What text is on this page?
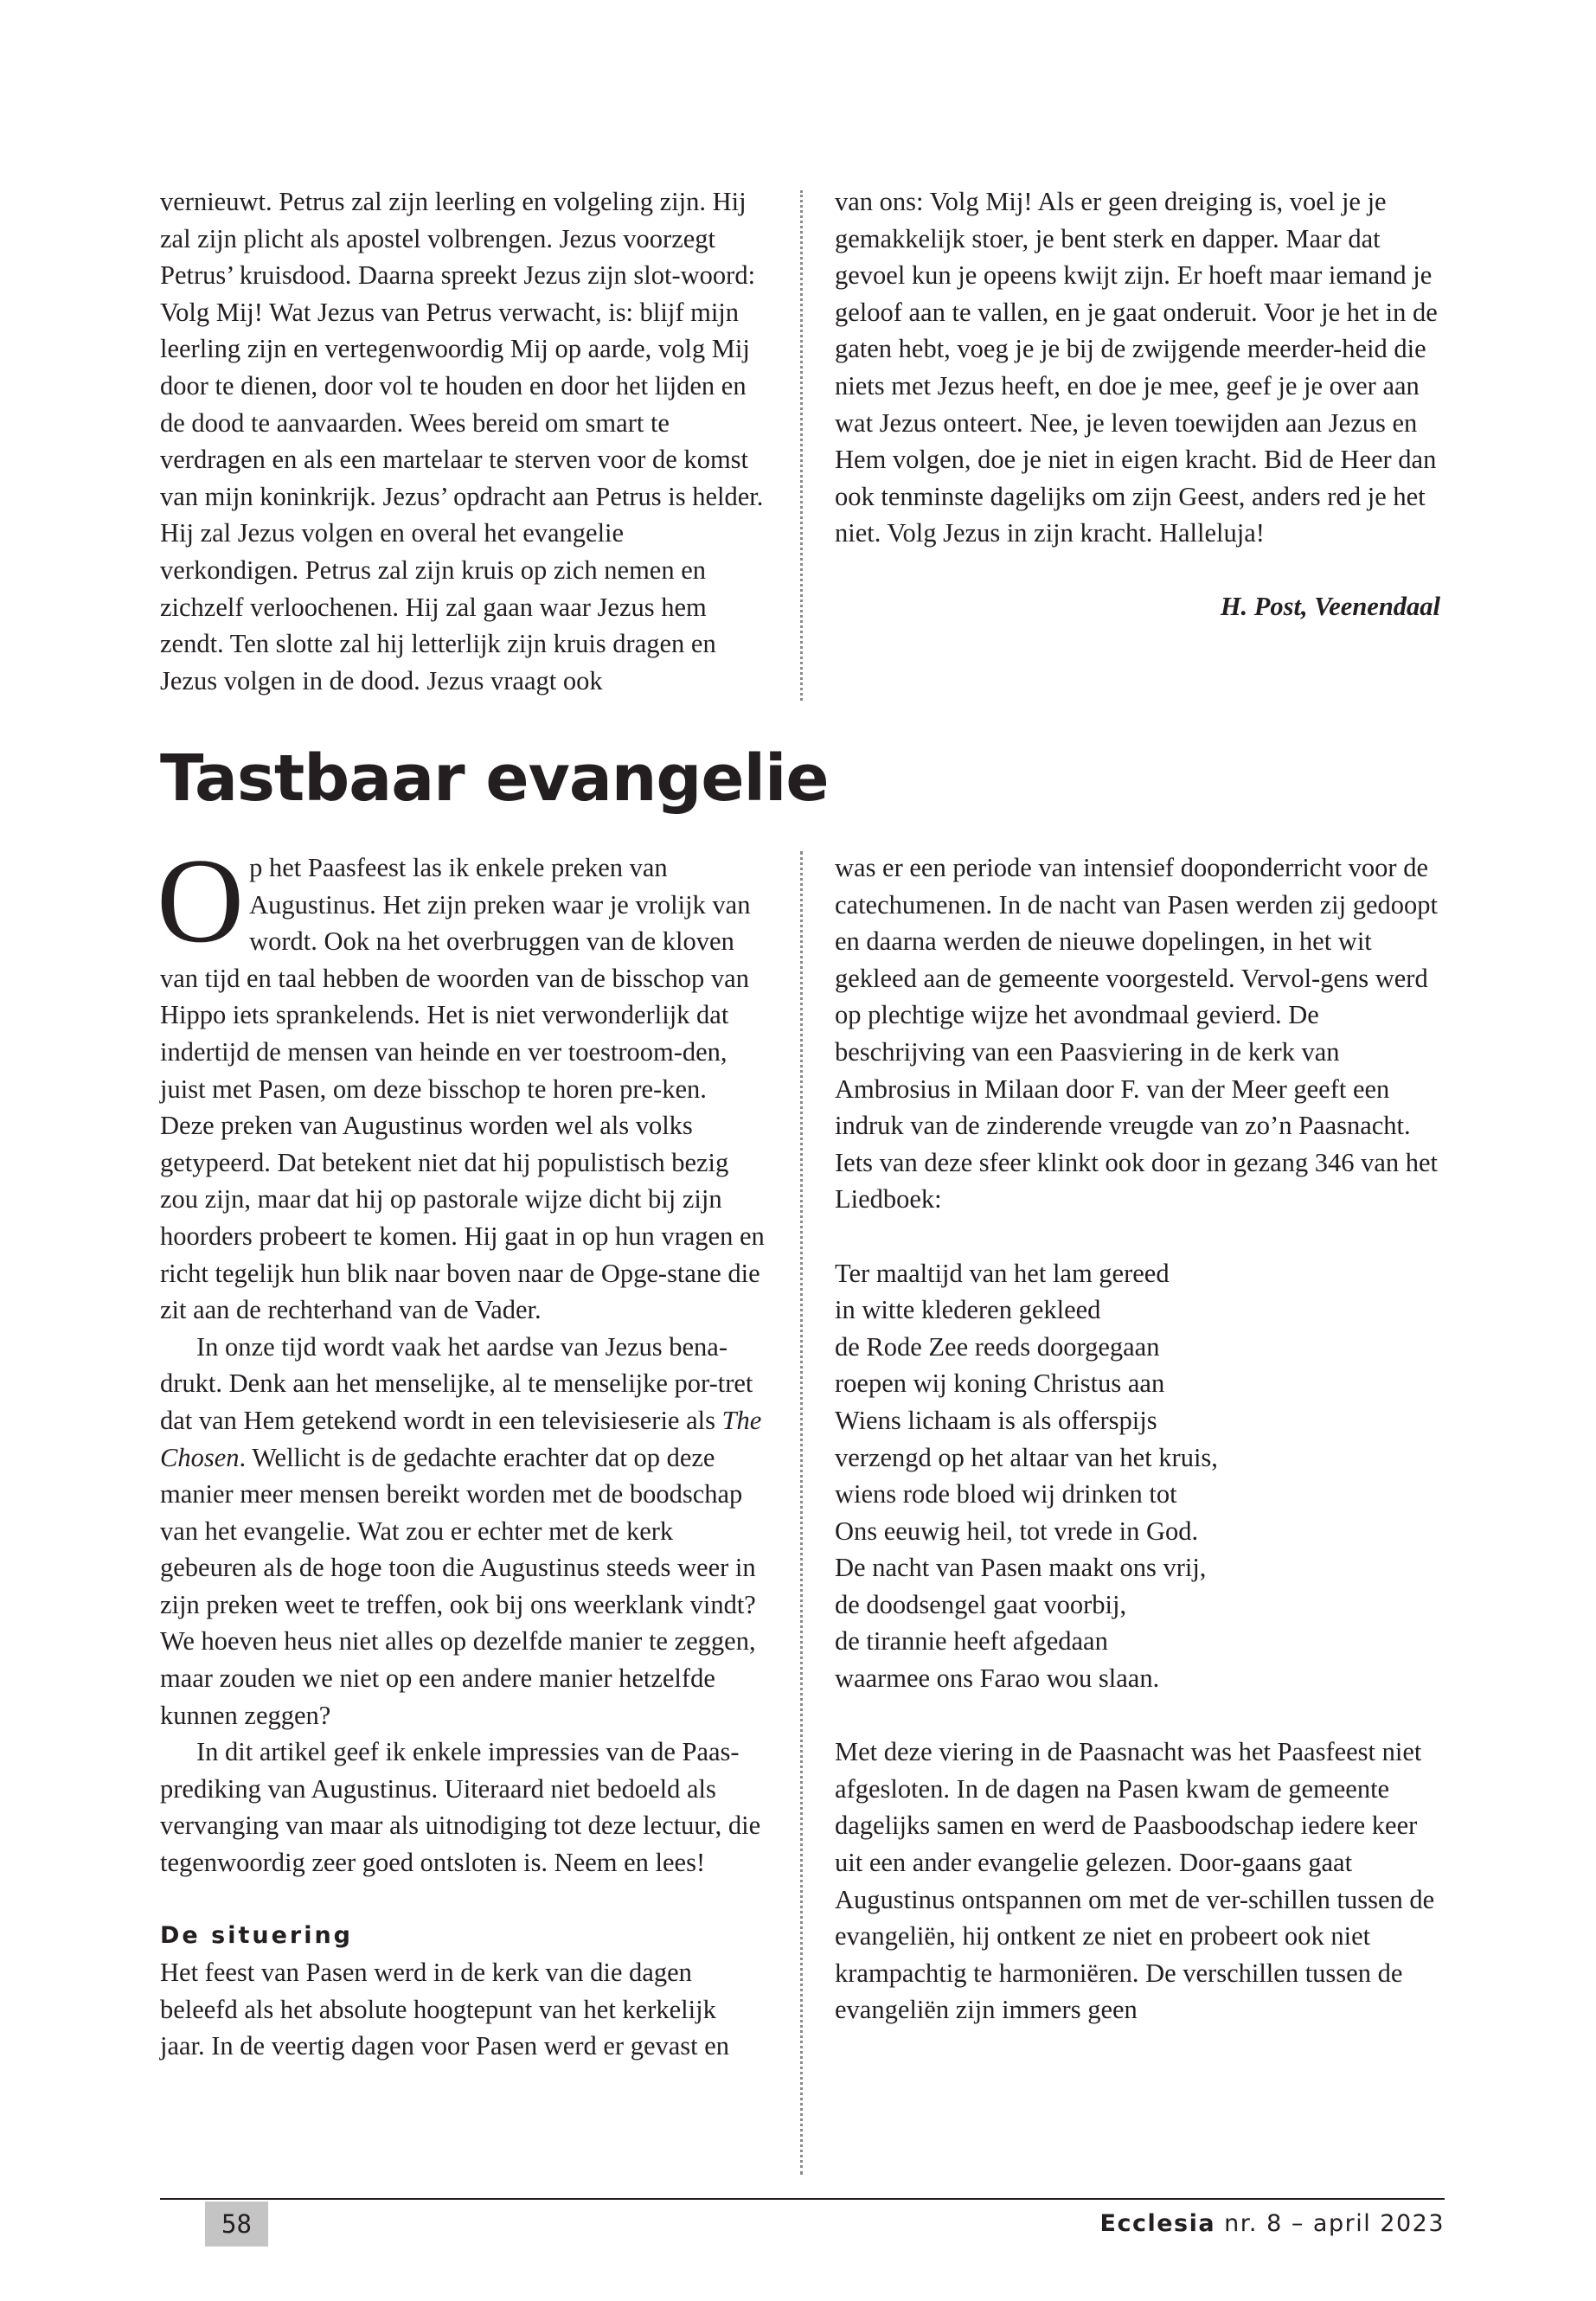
vernieuwt. Petrus zal zijn leerling en volgeling zijn. Hij zal zijn plicht als apostel volbrengen. Jezus voorzegt Petrus’ kruisdood. Daarna spreekt Jezus zijn slot-woord: Volg Mij! Wat Jezus van Petrus verwacht, is: blijf mijn leerling zijn en vertegenwoordig Mij op aarde, volg Mij door te dienen, door vol te houden en door het lijden en de dood te aanvaarden. Wees bereid om smart te verdragen en als een martelaar te sterven voor de komst van mijn koninkrijk. Jezus’ opdracht aan Petrus is helder. Hij zal Jezus volgen en overal het evangelie verkondigen. Petrus zal zijn kruis op zich nemen en zichzelf verloochenen. Hij zal gaan waar Jezus hem zendt. Ten slotte zal hij letterlijk zijn kruis dragen en Jezus volgen in de dood. Jezus vraagt ook

van ons: Volg Mij! Als er geen dreiging is, voel je je gemakkelijk stoer, je bent sterk en dapper. Maar dat gevoel kun je opeens kwijt zijn. Er hoeft maar iemand je geloof aan te vallen, en je gaat onderuit. Voor je het in de gaten hebt, voeg je je bij de zwijgende meerder-heid die niets met Jezus heeft, en doe je mee, geef je je over aan wat Jezus onteert. Nee, je leven toewijden aan Jezus en Hem volgen, doe je niet in eigen kracht. Bid de Heer dan ook tenminste dagelijks om zijn Geest, anders red je het niet. Volg Jezus in zijn kracht. Halleluja!

H. Post, Veenendaal

Tastbaar evangelie

Op het Paasfeest las ik enkele preken van Augustinus. Het zijn preken waar je vrolijk van wordt. Ook na het overbruggen van de kloven van tijd en taal hebben de woorden van de bisschop van Hippo iets sprankelends. Het is niet verwonderlijk dat indertijd de mensen van heinde en ver toestroom-den, juist met Pasen, om deze bisschop te horen pre-ken. Deze preken van Augustinus worden wel als volks getypeerd. Dat betekent niet dat hij populistisch bezig zou zijn, maar dat hij op pastorale wijze dicht bij zijn hoorders probeert te komen. Hij gaat in op hun vragen en richt tegelijk hun blik naar boven naar de Opge-stane die zit aan de rechterhand van de Vader.

In onze tijd wordt vaak het aardse van Jezus bena-drukt. Denk aan het menselijke, al te menselijke por-tret dat van Hem getekend wordt in een televisieserie als The Chosen. Wellicht is de gedachte erachter dat op deze manier meer mensen bereikt worden met de boodschap van het evangelie. Wat zou er echter met de kerk gebeuren als de hoge toon die Augustinus steeds weer in zijn preken weet te treffen, ook bij ons weerklank vindt? We hoeven heus niet alles op dezelfde manier te zeggen, maar zouden we niet op een andere manier hetzelfde kunnen zeggen?

In dit artikel geef ik enkele impressies van de Paas-prediking van Augustinus. Uiteraard niet bedoeld als vervanging van maar als uitnodiging tot deze lectuur, die tegenwoordig zeer goed ontsloten is. Neem en lees!

De situering

Het feest van Pasen werd in de kerk van die dagen beleefd als het absolute hoogtepunt van het kerkelijk jaar. In de veertig dagen voor Pasen werd er gevast en

was er een periode van intensief dooponderricht voor de catechumenen. In de nacht van Pasen werden zij gedoopt en daarna werden de nieuwe dopelingen, in het wit gekleed aan de gemeente voorgesteld. Vervol-gens werd op plechtige wijze het avondmaal gevierd. De beschrijving van een Paasviering in de kerk van Ambrosius in Milaan door F. van der Meer geeft een indruk van de zinderende vreugde van zo’n Paasnacht. Iets van deze sfeer klinkt ook door in gezang 346 van het Liedboek:

Ter maaltijd van het lam gereed
in witte klederen gekleed
de Rode Zee reeds doorgegaan
roepen wij koning Christus aan

Wiens lichaam is als offerspijs
verzengd op het altaar van het kruis,
wiens rode bloed wij drinken tot
Ons eeuwig heil, tot vrede in God.

De nacht van Pasen maakt ons vrij,
de doodsengel gaat voorbij,
de tirannie heeft afgedaan
waarmee ons Farao wou slaan.

Met deze viering in de Paasnacht was het Paasfeest niet afgesloten. In de dagen na Pasen kwam de gemeente dagelijks samen en werd de Paasboodschap iedere keer uit een ander evangelie gelezen. Door-gaans gaat Augustinus ontspannen om met de ver-schillen tussen de evangeliën, hij ontkent ze niet en probeert ook niet krampachtig te harmoniëren. De verschillen tussen de evangeliën zijn immers geen

58	Ecclesia nr. 8 – april 2023
